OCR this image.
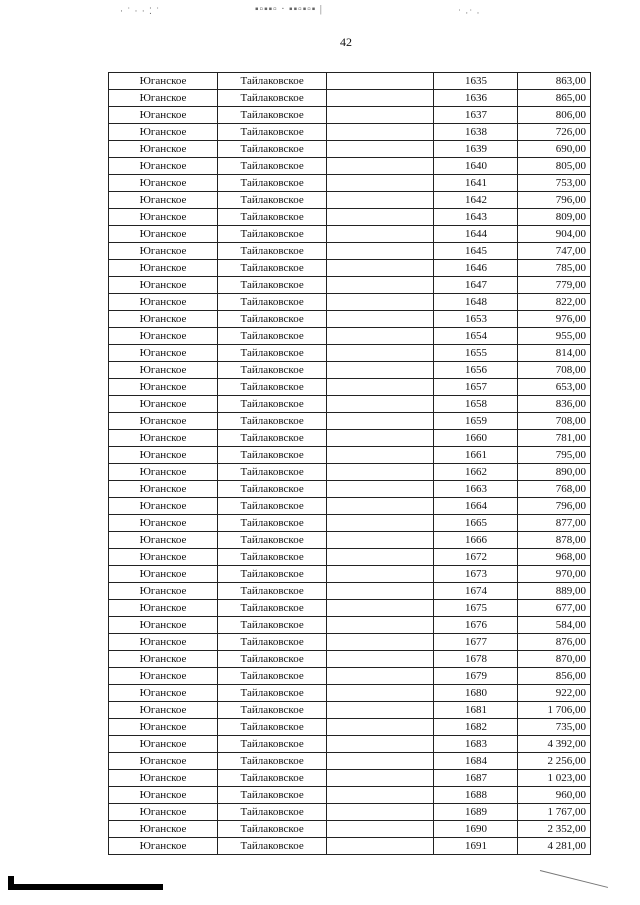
· ˙ · · ⁚ ˙	▪▫▪▪▫ · ▪▪▫▪▫▪ |	˙ ·˙ ·
42
Юганское	Тайлаковское		1635	863,00
Юганское	Тайлаковское		1636	865,00
Юганское	Тайлаковское		1637	806,00
Юганское	Тайлаковское		1638	726,00
Юганское	Тайлаковское		1639	690,00
Юганское	Тайлаковское		1640	805,00
Юганское	Тайлаковское		1641	753,00
Юганское	Тайлаковское		1642	796,00
Юганское	Тайлаковское		1643	809,00
Юганское	Тайлаковское		1644	904,00
Юганское	Тайлаковское		1645	747,00
Юганское	Тайлаковское		1646	785,00
Юганское	Тайлаковское		1647	779,00
Юганское	Тайлаковское		1648	822,00
Юганское	Тайлаковское		1653	976,00
Юганское	Тайлаковское		1654	955,00
Юганское	Тайлаковское		1655	814,00
Юганское	Тайлаковское		1656	708,00
Юганское	Тайлаковское		1657	653,00
Юганское	Тайлаковское		1658	836,00
Юганское	Тайлаковское		1659	708,00
Юганское	Тайлаковское		1660	781,00
Юганское	Тайлаковское		1661	795,00
Юганское	Тайлаковское		1662	890,00
Юганское	Тайлаковское		1663	768,00
Юганское	Тайлаковское		1664	796,00
Юганское	Тайлаковское		1665	877,00
Юганское	Тайлаковское		1666	878,00
Юганское	Тайлаковское		1672	968,00
Юганское	Тайлаковское		1673	970,00
Юганское	Тайлаковское		1674	889,00
Юганское	Тайлаковское		1675	677,00
Юганское	Тайлаковское		1676	584,00
Юганское	Тайлаковское		1677	876,00
Юганское	Тайлаковское		1678	870,00
Юганское	Тайлаковское		1679	856,00
Юганское	Тайлаковское		1680	922,00
Юганское	Тайлаковское		1681	1 706,00
Юганское	Тайлаковское		1682	735,00
Юганское	Тайлаковское		1683	4 392,00
Юганское	Тайлаковское		1684	2 256,00
Юганское	Тайлаковское		1687	1 023,00
Юганское	Тайлаковское		1688	960,00
Юганское	Тайлаковское		1689	1 767,00
Юганское	Тайлаковское		1690	2 352,00
Юганское	Тайлаковское		1691	4 281,00
